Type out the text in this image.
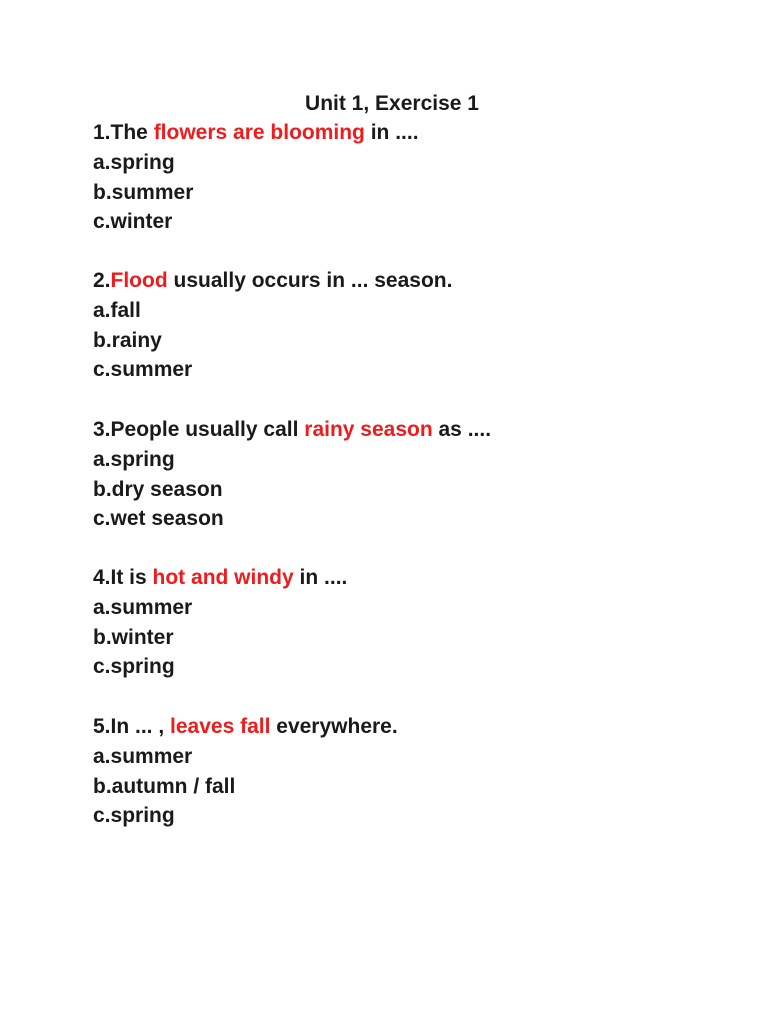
Unit 1, Exercise 1
1.The flowers are blooming in ....
a.spring
b.summer
c.winter
2.Flood usually occurs in ... season.
a.fall
b.rainy
c.summer
3.People usually call rainy season as ....
a.spring
b.dry season
c.wet season
4.It is hot and windy in ....
a.summer
b.winter
c.spring
5.In ... , leaves fall everywhere.
a.summer
b.autumn / fall
c.spring
